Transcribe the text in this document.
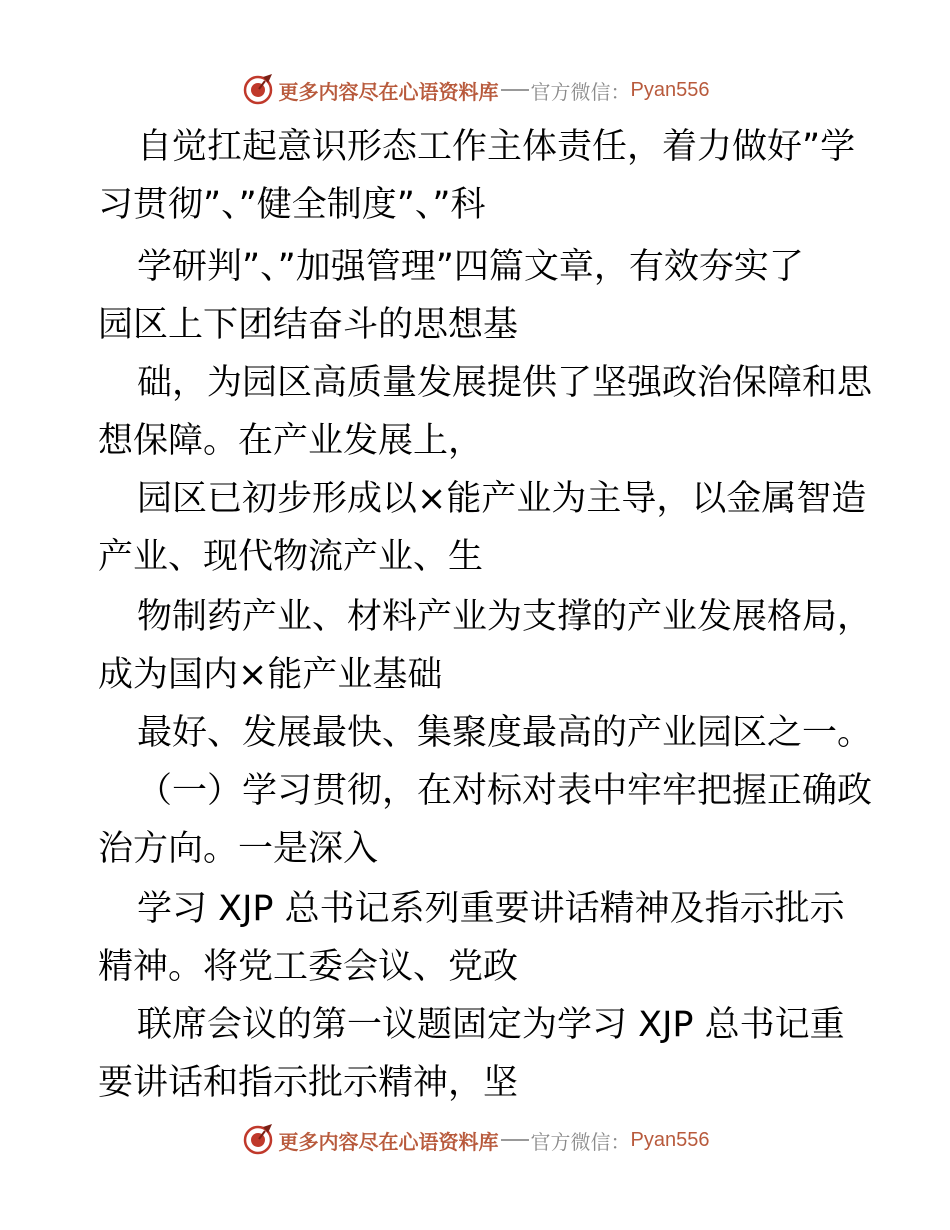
更多内容尽在心语资料库 官方微信： Pyan556
自觉扛起意识形态工作主体责任，着力做好”学
习贯彻”、”健全制度”、”科
学研判”、”加强管理”四篇文章，有效夯实了
园区上下团结奋斗的思想基
础，为园区高质量发展提供了坚强政治保障和思
想保障。在产业发展上，
园区已初步形成以×能产业为主导，以金属智造
产业、现代物流产业、生
物制药产业、材料产业为支撑的产业发展格局，
成为国内×能产业基础
最好、发展最快、集聚度最高的产业园区之一。
（一）学习贯彻，在对标对表中牢牢把握正确政
治方向。一是深入
学习 XJP 总书记系列重要讲话精神及指示批示
精神。将党工委会议、党政
联席会议的第一议题固定为学习 XJP 总书记重
要讲话和指示批示精神，坚
更多内容尽在心语资料库 官方微信： Pyan556
